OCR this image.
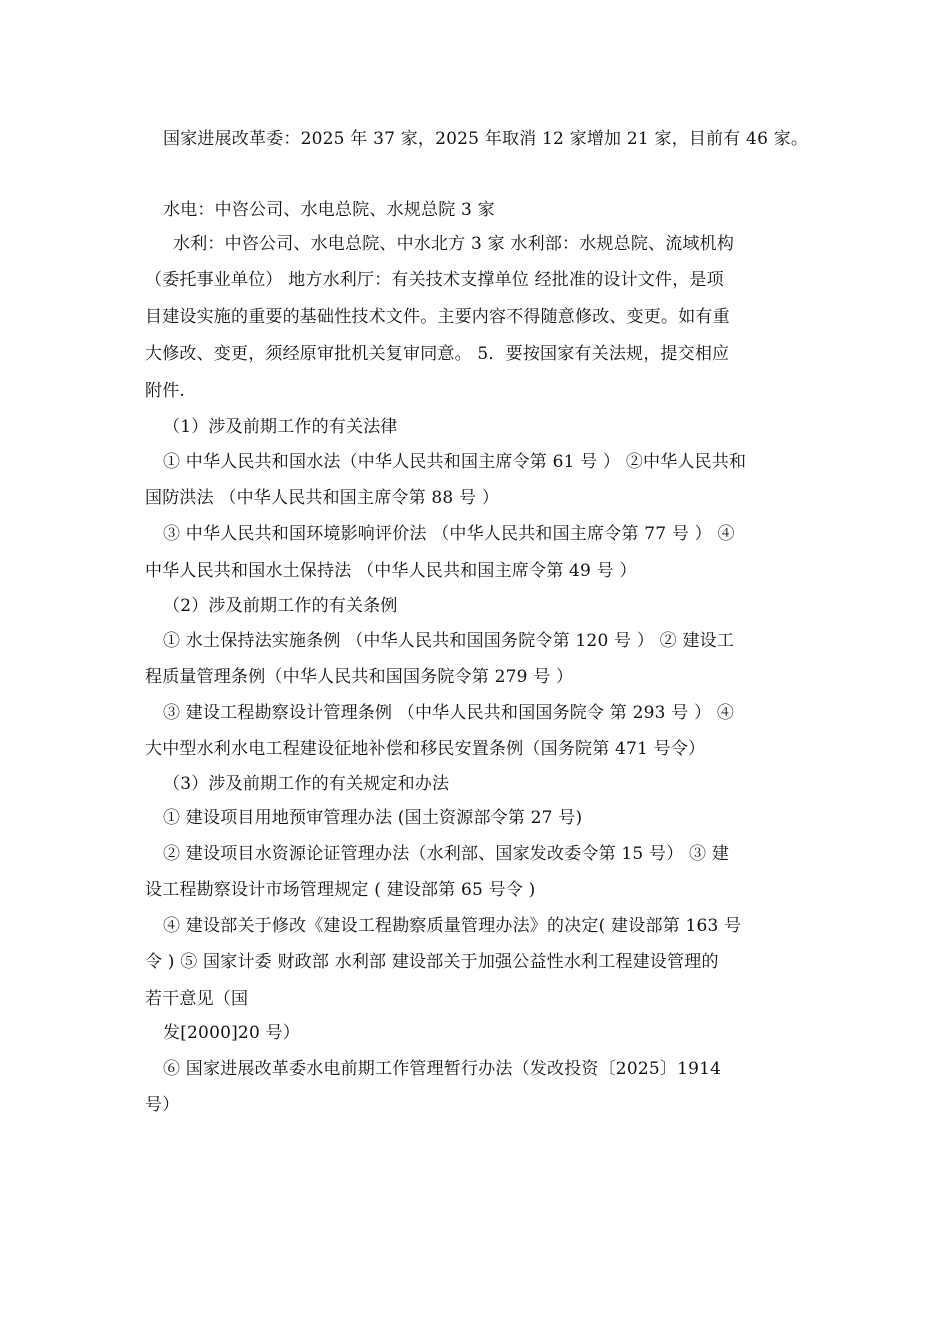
国家进展改革委：2025 年 37 家，2025 年取消 12 家增加 21 家，目前有 46 家。
水电：中咨公司、水电总院、水规总院 3 家
水利：中咨公司、水电总院、中水北方 3 家 水利部：水规总院、流域机构
（委托事业单位） 地方水利厅：有关技术支撑单位 经批准的设计文件，是项
目建设实施的重要的基础性技术文件。主要内容不得随意修改、变更。如有重
大修改、变更，须经原审批机关复审同意。 5．要按国家有关法规，提交相应
附件.
（1）涉及前期工作的有关法律
① 中华人民共和国水法（中华人民共和国主席令第 61 号 ） ②中华人民共和
国防洪法 （中华人民共和国主席令第 88 号 ）
③ 中华人民共和国环境影响评价法 （中华人民共和国主席令第 77 号 ） ④
中华人民共和国水土保持法 （中华人民共和国主席令第 49 号 ）
（2）涉及前期工作的有关条例
① 水土保持法实施条例 （中华人民共和国国务院令第 120 号 ） ② 建设工
程质量管理条例（中华人民共和国国务院令第 279 号 ）
③ 建设工程勘察设计管理条例 （中华人民共和国国务院令 第 293 号 ） ④
大中型水利水电工程建设征地补偿和移民安置条例（国务院第 471 号令）
（3）涉及前期工作的有关规定和办法
① 建设项目用地预审管理办法 (国土资源部令第 27 号)
② 建设项目水资源论证管理办法（水利部、国家发改委令第 15 号） ③ 建
设工程勘察设计市场管理规定 ( 建设部第 65 号令 )
④ 建设部关于修改《建设工程勘察质量管理办法》的决定( 建设部第 163 号
令 ) ⑤ 国家计委 财政部 水利部 建设部关于加强公益性水利工程建设管理的
若干意见（国
发[2000]20 号）
⑥ 国家进展改革委水电前期工作管理暂行办法（发改投资〔2025〕1914
号）
